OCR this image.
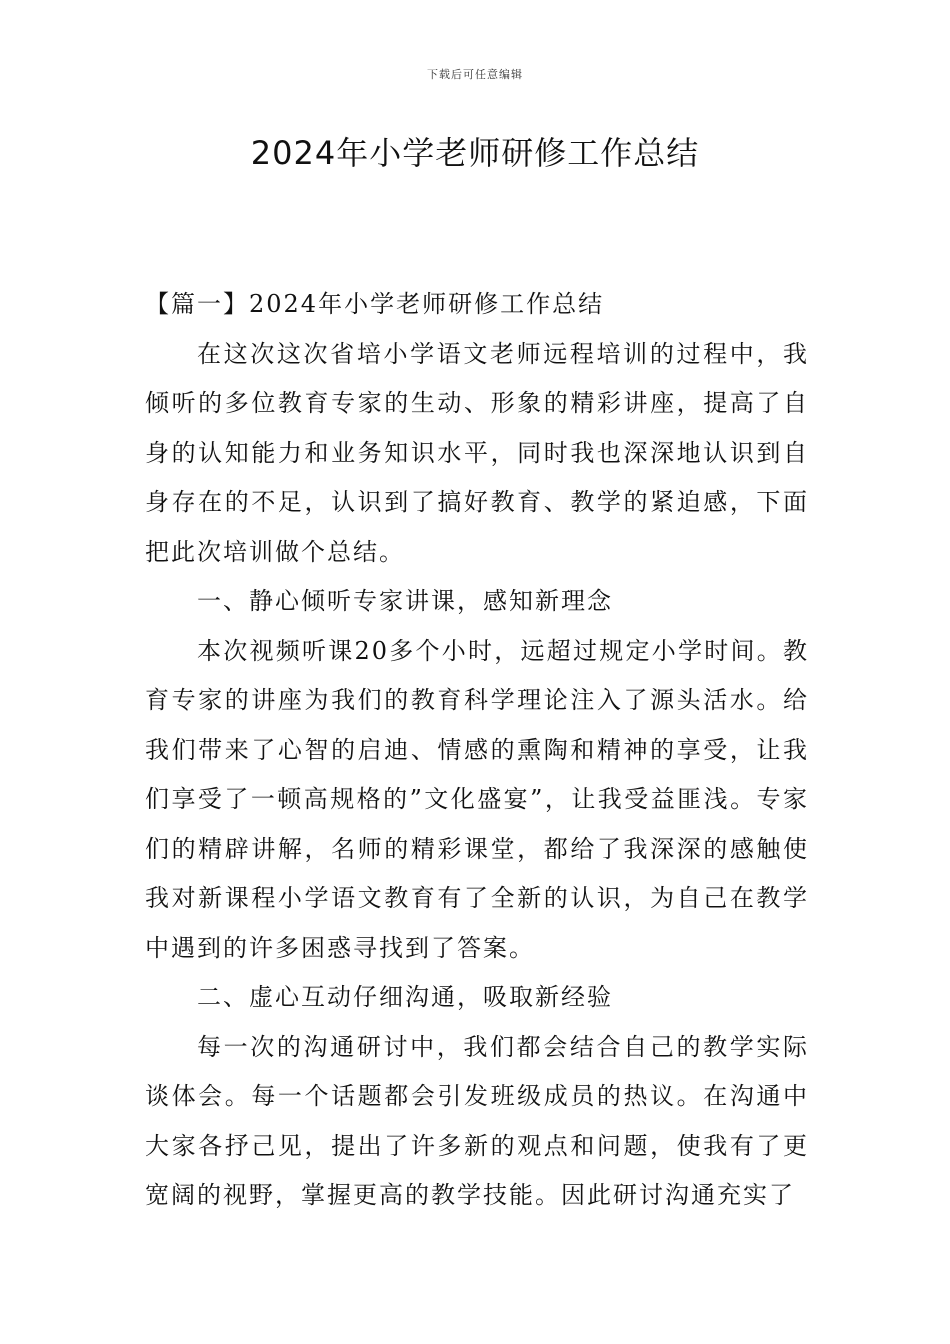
下载后可任意编辑
2024年小学老师研修工作总结

【篇一】2024年小学老师研修工作总结

在这次这次省培小学语文老师远程培训的过程中，我倾听的多位教育专家的生动、形象的精彩讲座，提高了自身的认知能力和业务知识水平，同时我也深深地认识到自身存在的不足，认识到了搞好教育、教学的紧迫感，下面把此次培训做个总结。

一、静心倾听专家讲课，感知新理念

本次视频听课20多个小时，远超过规定小学时间。教育专家的讲座为我们的教育科学理论注入了源头活水。给我们带来了心智的启迪、情感的熏陶和精神的享受，让我们享受了一顿高规格的”文化盛宴”，让我受益匪浅。专家们的精辟讲解，名师的精彩课堂，都给了我深深的感触使我对新课程小学语文教育有了全新的认识，为自己在教学中遇到的许多困惑寻找到了答案。

二、虚心互动仔细沟通，吸取新经验

每一次的沟通研讨中，我们都会结合自己的教学实际谈体会。每一个话题都会引发班级成员的热议。在沟通中大家各抒己见，提出了许多新的观点和问题，使我有了更宽阔的视野，掌握更高的教学技能。因此研讨沟通充实了
